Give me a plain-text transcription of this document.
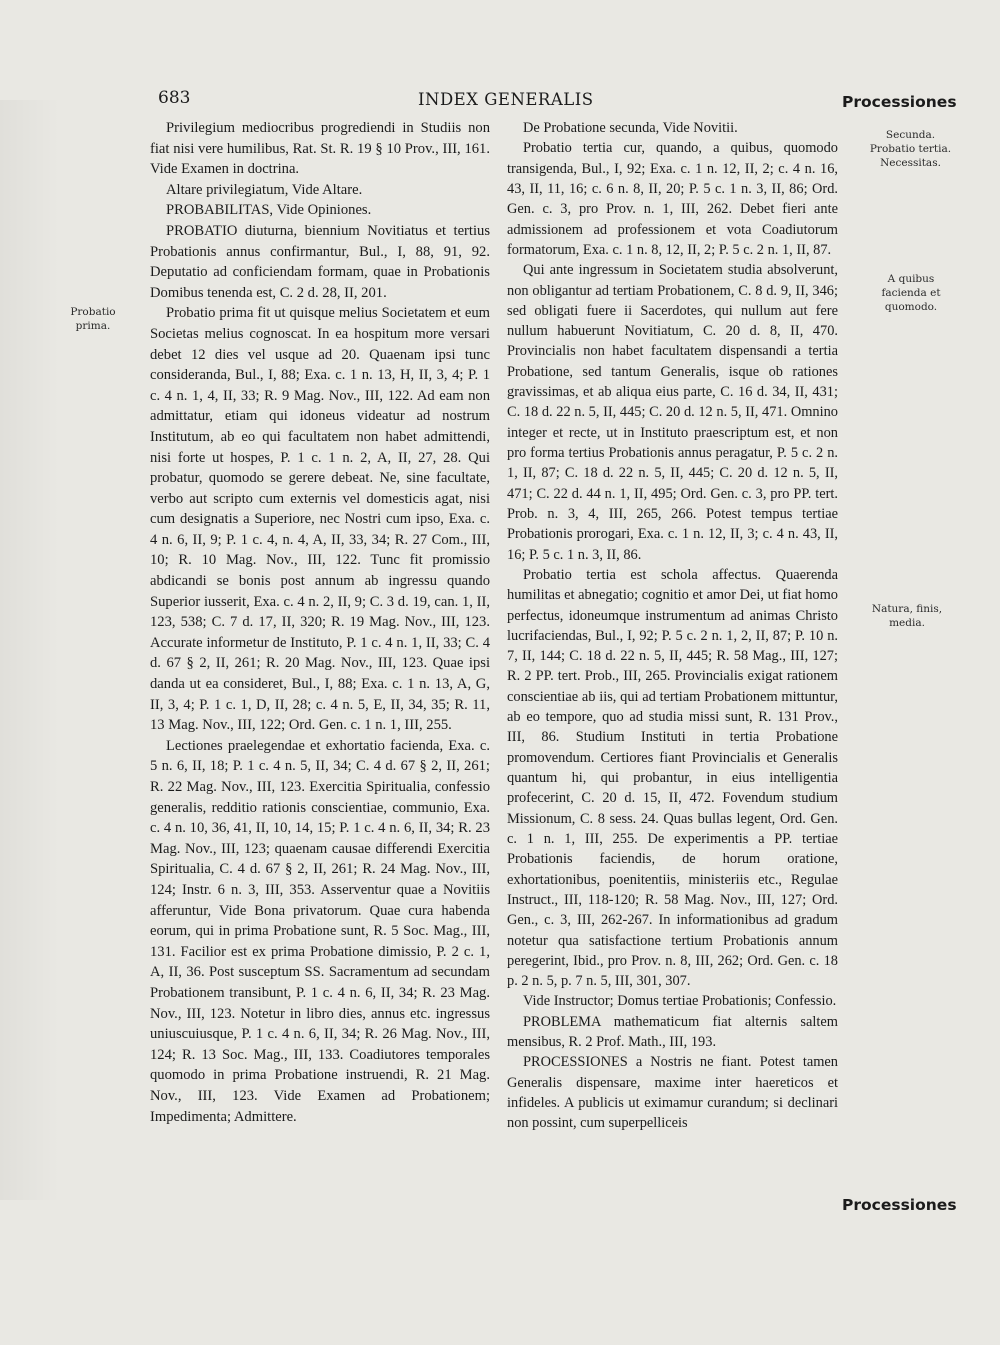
683	INDEX GENERALIS	Processiones
Probatio prima.
Secunda. Probatio tertia. Necessitas.
A quibus facienda et quomodo.
Natura, finis, media.

Privilegium mediocribus progrediendi in Studiis non fiat nisi vere humilibus, Rat. St. R. 19 § 10 Prov., III, 161. Vide Examen in doctrina.

Altare privilegiatum, Vide Altare.

PROBABILITAS, Vide Opiniones.

PROBATIO diuturna, biennium Novitiatus et tertius Probationis annus confirmantur, Bul., I, 88, 91, 92. Deputatio ad conficiendam formam, quae in Probationis Domibus tenenda est, C. 2 d. 28, II, 201.

Probatio prima fit ut quisque melius Societatem et eum Societas melius cognoscat. In ea hospitum more versari debet 12 dies vel usque ad 20. Quaenam ipsi tunc consideranda, Bul., I, 88; Exa. c. 1 n. 13, H, II, 3, 4; P. 1 c. 4 n. 1, 4, II, 33; R. 9 Mag. Nov., III, 122. Ad eam non admittatur, etiam qui idoneus videatur ad nostrum Institutum, ab eo qui facultatem non habet admittendi, nisi forte ut hospes, P. 1 c. 1 n. 2, A, II, 27, 28. Qui probatur, quomodo se gerere debeat. Ne, sine facultate, verbo aut scripto cum externis vel domesticis agat, nisi cum designatis a Superiore, nec Nostri cum ipso, Exa. c. 4 n. 6, II, 9; P. 1 c. 4, n. 4, A, II, 33, 34; R. 27 Com., III, 10; R. 10 Mag. Nov., III, 122. Tunc fit promissio abdicandi se bonis post annum ab ingressu quando Superior iusserit, Exa. c. 4 n. 2, II, 9; C. 3 d. 19, can. 1, II, 123, 538; C. 7 d. 17, II, 320; R. 19 Mag. Nov., III, 123. Accurate informetur de Instituto, P. 1 c. 4 n. 1, II, 33; C. 4 d. 67 § 2, II, 261; R. 20 Mag. Nov., III, 123. Quae ipsi danda ut ea consideret, Bul., I, 88; Exa. c. 1 n. 13, A, G, II, 3, 4; P. 1 c. 1, D, II, 28; c. 4 n. 5, E, II, 34, 35; R. 11, 13 Mag. Nov., III, 122; Ord. Gen. c. 1 n. 1, III, 255.

Lectiones praelegendae et exhortatio facienda, Exa. c. 5 n. 6, II, 18; P. 1 c. 4 n. 5, II, 34; C. 4 d. 67 § 2, II, 261; R. 22 Mag. Nov., III, 123. Exercitia Spiritualia, confessio generalis, redditio rationis conscientiae, communio, Exa. c. 4 n. 10, 36, 41, II, 10, 14, 15; P. 1 c. 4 n. 6, II, 34; R. 23 Mag. Nov., III, 123; quaenam causae differendi Exercitia Spiritualia, C. 4 d. 67 § 2, II, 261; R. 24 Mag. Nov., III, 124; Instr. 6 n. 3, III, 353. Asserventur quae a Novitiis afferuntur, Vide Bona privatorum. Quae cura habenda eorum, qui in prima Probatione sunt, R. 5 Soc. Mag., III, 131. Facilior est ex prima Probatione dimissio, P. 2 c. 1, A, II, 36. Post susceptum SS. Sacramentum ad secundam Probationem transibunt, P. 1 c. 4 n. 6, II, 34; R. 23 Mag. Nov., III, 123. Notetur in libro dies, annus etc. ingressus uniuscuiusque, P. 1 c. 4 n. 6, II, 34; R. 26 Mag. Nov., III, 124; R. 13 Soc. Mag., III, 133. Coadiutores temporales quomodo in prima Probatione instruendi, R. 21 Mag. Nov., III, 123. Vide Examen ad Probationem; Impedimenta; Admittere.

De Probatione secunda, Vide Novitii.

Probatio tertia cur, quando, a quibus, quomodo transigenda, Bul., I, 92; Exa. c. 1 n. 12, II, 2; c. 4 n. 16, 43, II, 11, 16; c. 6 n. 8, II, 20; P. 5 c. 1 n. 3, II, 86; Ord. Gen. c. 3, pro Prov. n. 1, III, 262. Debet fieri ante admissionem ad professionem et vota Coadiutorum formatorum, Exa. c. 1 n. 8, 12, II, 2; P. 5 c. 2 n. 1, II, 87.

Qui ante ingressum in Societatem studia absolverunt, non obligantur ad tertiam Probationem, C. 8 d. 9, II, 346; sed obligati fuere ii Sacerdotes, qui nullum aut fere nullum habuerunt Novitiatum, C. 20 d. 8, II, 470. Provincialis non habet facultatem dispensandi a tertia Probatione, sed tantum Generalis, isque ob rationes gravissimas, et ab aliqua eius parte, C. 16 d. 34, II, 431; C. 18 d. 22 n. 5, II, 445; C. 20 d. 12 n. 5, II, 471. Omnino integer et recte, ut in Instituto praescriptum est, et non pro forma tertius Probationis annus peragatur, P. 5 c. 2 n. 1, II, 87; C. 18 d. 22 n. 5, II, 445; C. 20 d. 12 n. 5, II, 471; C. 22 d. 44 n. 1, II, 495; Ord. Gen. c. 3, pro PP. tert. Prob. n. 3, 4, III, 265, 266. Potest tempus tertiae Probationis prorogari, Exa. c. 1 n. 12, II, 3; c. 4 n. 43, II, 16; P. 5 c. 1 n. 3, II, 86.

Probatio tertia est schola affectus. Quaerenda humilitas et abnegatio; cognitio et amor Dei, ut fiat homo perfectus, idoneumque instrumentum ad animas Christo lucrifaciendas, Bul., I, 92; P. 5 c. 2 n. 1, 2, II, 87; P. 10 n. 7, II, 144; C. 18 d. 22 n. 5, II, 445; R. 58 Mag., III, 127; R. 2 PP. tert. Prob., III, 265. Provincialis exigat rationem conscientiae ab iis, qui ad tertiam Probationem mittuntur, ab eo tempore, quo ad studia missi sunt, R. 131 Prov., III, 86. Studium Instituti in tertia Probatione promovendum. Certiores fiant Provincialis et Generalis quantum hi, qui probantur, in eius intelligentia profecerint, C. 20 d. 15, II, 472. Fovendum studium Missionum, C. 8 sess. 24. Quas bullas legent, Ord. Gen. c. 1 n. 1, III, 255. De experimentis a PP. tertiae Probationis faciendis, de horum oratione, exhortationibus, poenitentiis, ministeriis etc., Regulae Instruct., III, 118-120; R. 58 Mag. Nov., III, 127; Ord. Gen., c. 3, III, 262-267. In informationibus ad gradum notetur qua satisfactione tertium Probationis annum peregerint, Ibid., pro Prov. n. 8, III, 262; Ord. Gen. c. 18 p. 2 n. 5, p. 7 n. 5, III, 301, 307.

Vide Instructor; Domus tertiae Probationis; Confessio.

PROBLEMA mathematicum fiat alternis saltem mensibus, R. 2 Prof. Math., III, 193.

PROCESSIONES a Nostris ne fiant. Potest tamen Generalis dispensare, maxime inter haereticos et infideles. A publicis ut eximamur curandum; si declinari non possint, cum superpelliceis

Processiones
